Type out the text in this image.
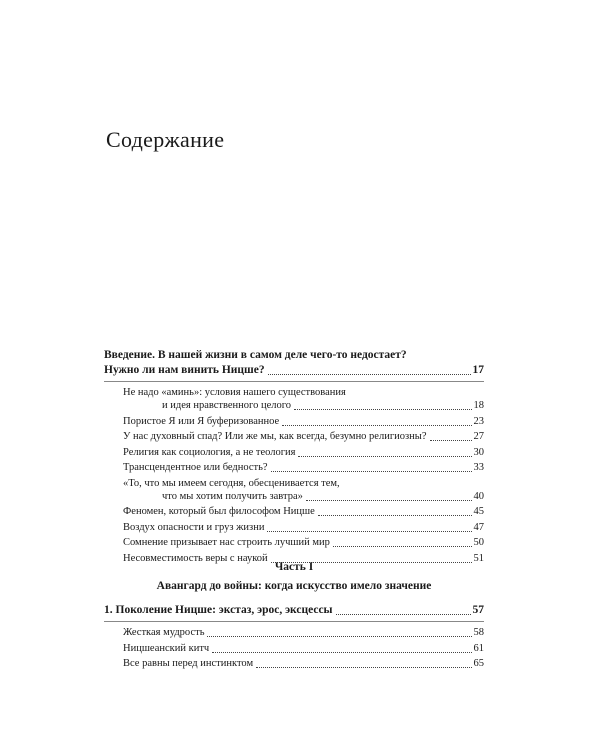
Содержание
Введение. В нашей жизни в самом деле чего-то недостает?
Нужно ли нам винить Ницше?	17
Не надо «аминь»: условия нашего существования
и идея нравственного целого	18
Пористое Я или Я буферизованное	23
У нас духовный спад? Или же мы, как всегда, безумно религиозны?	27
Религия как социология, а не теология	30
Трансцендентное или бедность?	33
«То, что мы имеем сегодня, обесценивается тем,
что мы хотим получить завтра»	40
Феномен, который был философом Ницше	45
Воздух опасности и груз жизни	47
Сомнение призывает нас строить лучший мир	50
Несовместимость веры с наукой	51
Часть I
Авангард до войны: когда искусство имело значение
1. Поколение Ницше: экстаз, эрос, эксцессы	57
Жесткая мудрость	58
Ницшеанский китч	61
Все равны перед инстинктом	65
